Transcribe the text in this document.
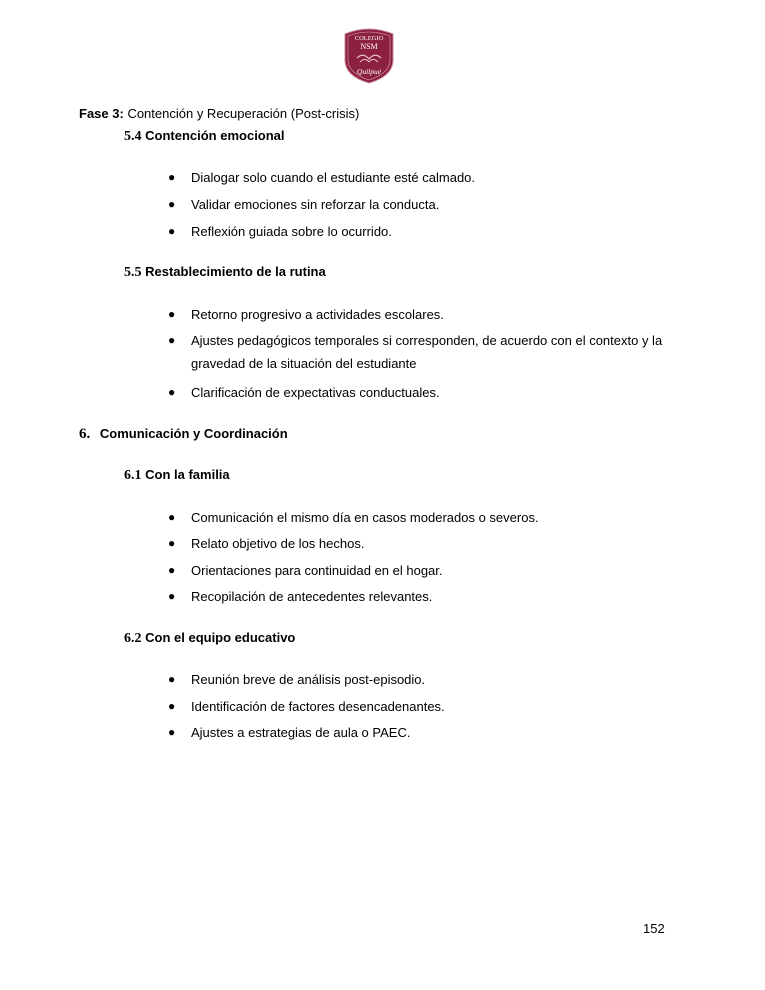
COLEGIO
NSM
Quilpué
Fase 3: Contención y Recuperación (Post-crisis)
5.4 Contención emocional
● Dialogar solo cuando el estudiante esté calmado.
● Validar emociones sin reforzar la conducta.
● Reflexión guiada sobre lo ocurrido.
5.5 Restablecimiento de la rutina
● Retorno progresivo a actividades escolares.
● Ajustes pedagógicos temporales si corresponden, de acuerdo con el contexto y la
gravedad de la situación del estudiante
● Clarificación de expectativas conductuales.
6. Comunicación y Coordinación
6.1 Con la familia
● Comunicación el mismo día en casos moderados o severos.
● Relato objetivo de los hechos.
● Orientaciones para continuidad en el hogar.
● Recopilación de antecedentes relevantes.
6.2 Con el equipo educativo
● Reunión breve de análisis post-episodio.
● Identificación de factores desencadenantes.
● Ajustes a estrategias de aula o PAEC.
152
